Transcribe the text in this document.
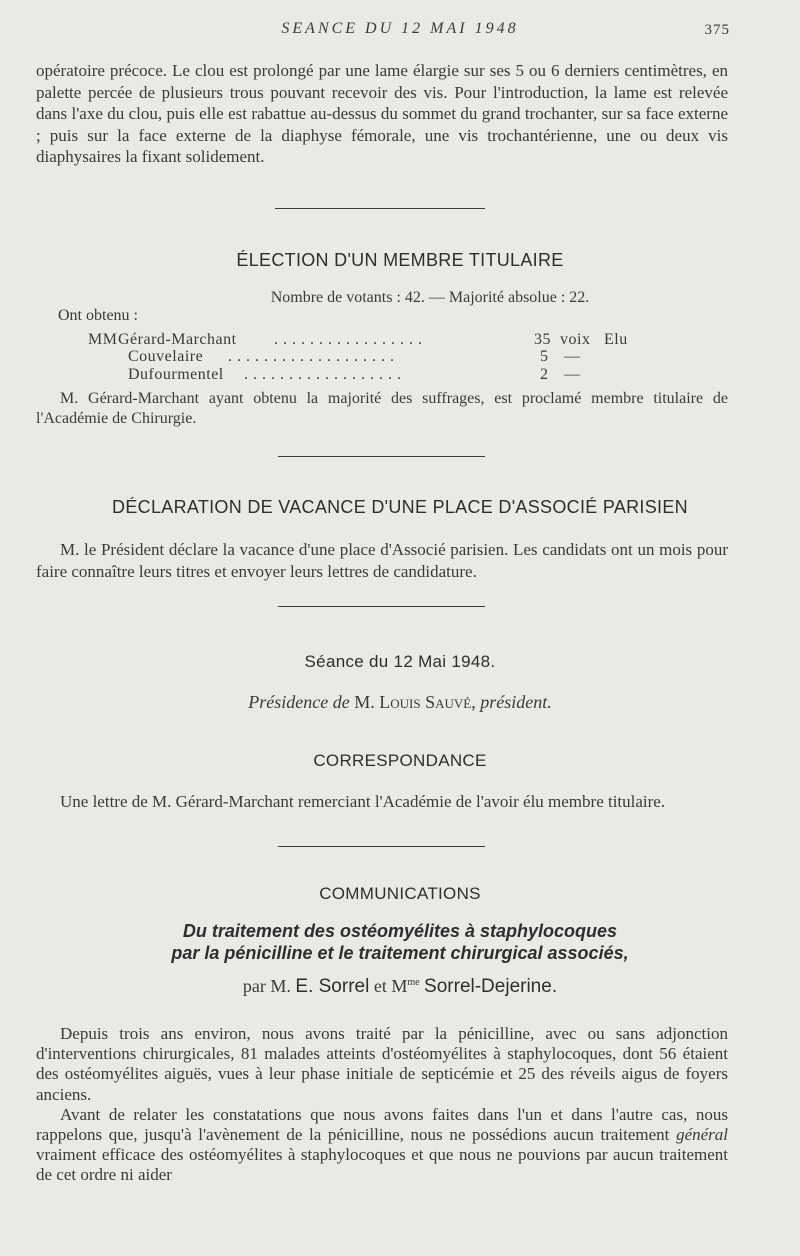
SEANCE DU 12 MAI 1948	375

opératoire précoce. Le clou est prolongé par une lame élargie sur ses 5 ou 6 derniers centimètres, en palette percée de plusieurs trous pouvant recevoir des vis. Pour l'introduction, la lame est relevée dans l'axe du clou, puis elle est rabattue au-dessus du sommet du grand trochanter, sur sa face externe ; puis sur la face externe de la diaphyse fémorale, une vis trochantérienne, une ou deux vis diaphysaires la fixant solidement.

ÉLECTION D'UN MEMBRE TITULAIRE
Nombre de votants : 42. — Majorité absolue : 22.
Ont obtenu :
MM Gérard-Marchant . . . . . . . . . . . . . . . . .	35 voix Elu
Couvelaire . . . . . . . . . . . . . . . . . . .	5 —
Dufourmentel . . . . . . . . . . . . . . . . . .	2 —

M. Gérard-Marchant ayant obtenu la majorité des suffrages, est proclamé membre titulaire de l'Académie de Chirurgie.

DÉCLARATION DE VACANCE D'UNE PLACE D'ASSOCIÉ PARISIEN

M. le Président déclare la vacance d'une place d'Associé parisien. Les candidats ont un mois pour faire connaître leurs titres et envoyer leurs lettres de candidature.

Séance du 12 Mai 1948.
Présidence de M. Louis Sauvé, président.
CORRESPONDANCE

Une lettre de M. Gérard-Marchant remerciant l'Académie de l'avoir élu membre titulaire.

COMMUNICATIONS
Du traitement des ostéomyélites à staphylocoques
par la pénicilline et le traitement chirurgical associés,
par M. E. Sorrel et $M^{me}$ Sorrel-Dejerine.

Depuis trois ans environ, nous avons traité par la pénicilline, avec ou sans adjonction d'interventions chirurgicales, 81 malades atteints d'ostéomyélites à staphylocoques, dont 56 étaient des ostéomyélites aiguës, vues à leur phase initiale de septicémie et 25 des réveils aigus de foyers anciens.

Avant de relater les constatations que nous avons faites dans l'un et dans l'autre cas, nous rappelons que, jusqu'à l'avènement de la pénicilline, nous ne possédions aucun traitement général vraiment efficace des ostéomyélites à staphylocoques et que nous ne pouvions par aucun traitement de cet ordre ni aider
